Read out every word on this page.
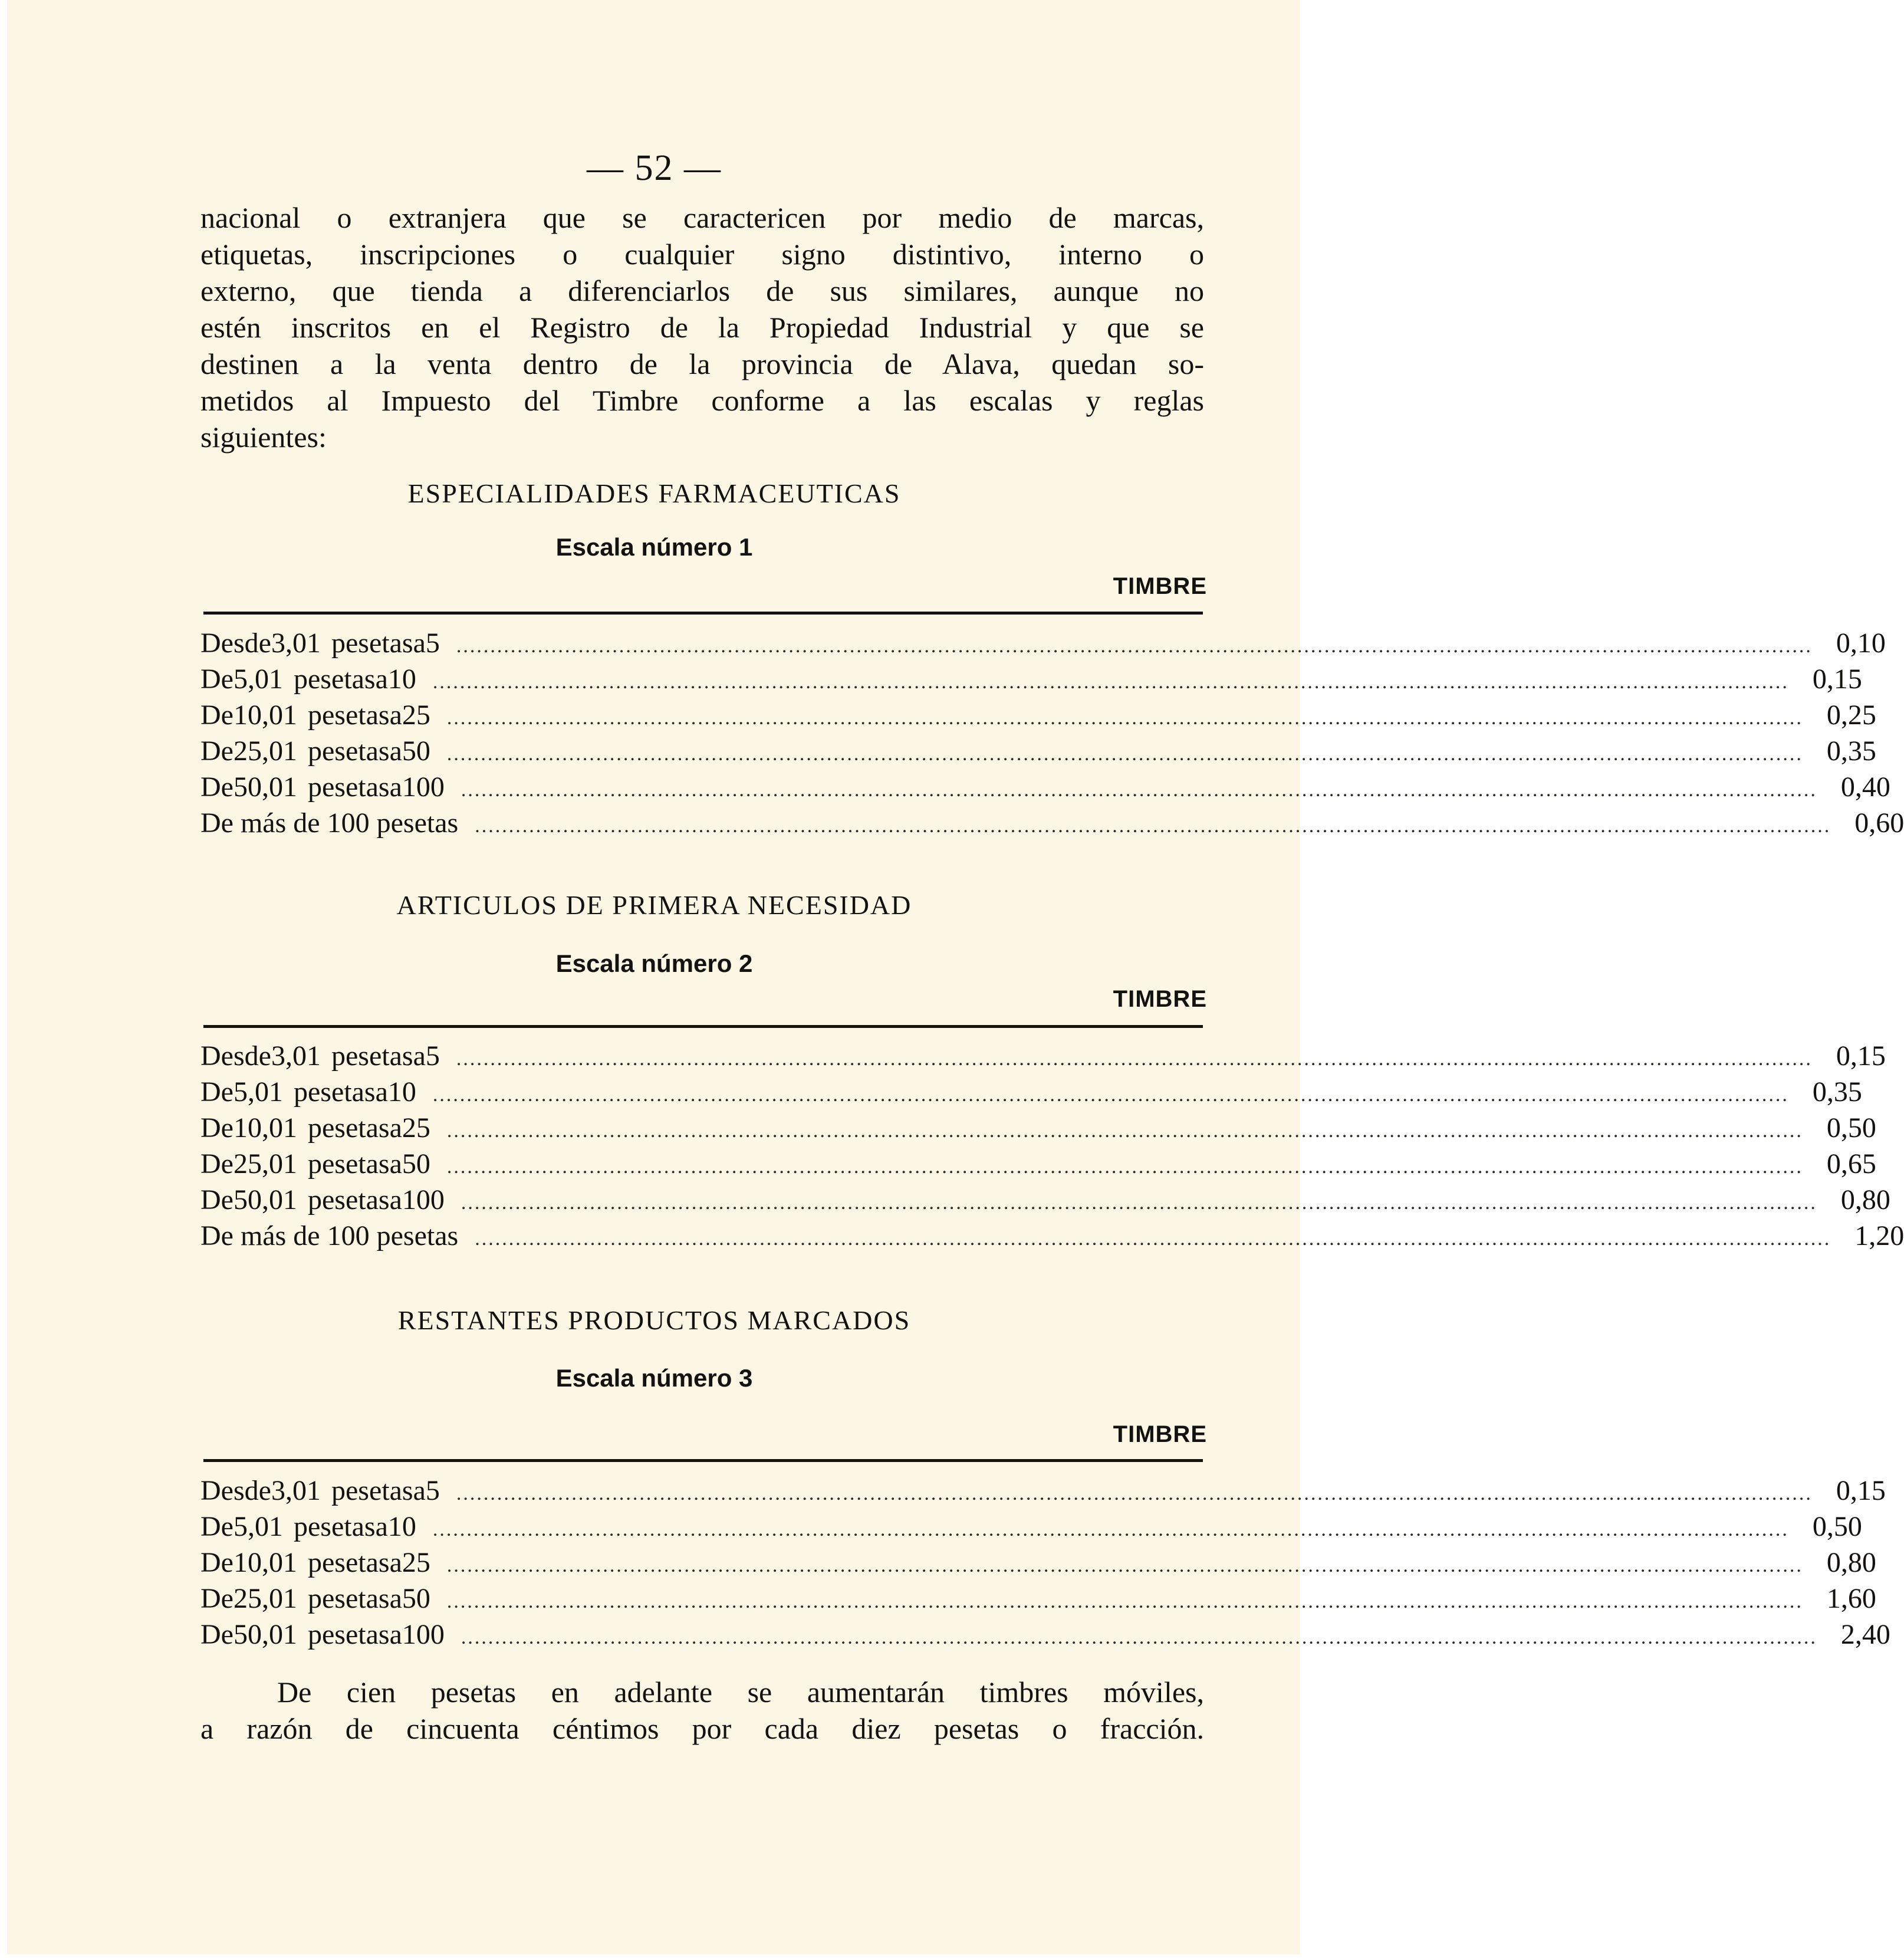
— 52 —
nacional o extranjera que se caractericen por medio de marcas,
etiquetas, inscripciones o cualquier signo distintivo, interno o
externo, que tienda a diferenciarlos de sus similares, aunque no
estén inscritos en el Registro de la Propiedad Industrial y que se
destinen a la venta dentro de la provincia de Alava, quedan so-
metidos al Impuesto del Timbre conforme a las escalas y reglas
siguientes:
ESPECIALIDADES FARMACEUTICAS
Escala número 1
TIMBRE
Desde 3,01 pesetas a 5 ........................................................................................................................................................................................................ 0,10
De 5,01 pesetas a 10 ........................................................................................................................................................................................................ 0,15
De 10,01 pesetas a 25 ........................................................................................................................................................................................................ 0,25
De 25,01 pesetas a 50 ........................................................................................................................................................................................................ 0,35
De 50,01 pesetas a 100 ........................................................................................................................................................................................................ 0,40
De más de 100 pesetas ........................................................................................................................................................................................................ 0,60
ARTICULOS DE PRIMERA NECESIDAD
Escala número 2
TIMBRE
Desde 3,01 pesetas a 5 ........................................................................................................................................................................................................ 0,15
De 5,01 pesetas a 10 ........................................................................................................................................................................................................ 0,35
De 10,01 pesetas a 25 ........................................................................................................................................................................................................ 0,50
De 25,01 pesetas a 50 ........................................................................................................................................................................................................ 0,65
De 50,01 pesetas a 100 ........................................................................................................................................................................................................ 0,80
De más de 100 pesetas ........................................................................................................................................................................................................ 1,20
RESTANTES PRODUCTOS MARCADOS
Escala número 3
TIMBRE
Desde 3,01 pesetas a 5 ........................................................................................................................................................................................................ 0,15
De 5,01 pesetas a 10 ........................................................................................................................................................................................................ 0,50
De 10,01 pesetas a 25 ........................................................................................................................................................................................................ 0,80
De 25,01 pesetas a 50 ........................................................................................................................................................................................................ 1,60
De 50,01 pesetas a 100 ........................................................................................................................................................................................................ 2,40
De cien pesetas en adelante se aumentarán timbres móviles,
a razón de cincuenta céntimos por cada diez pesetas o fracción.
